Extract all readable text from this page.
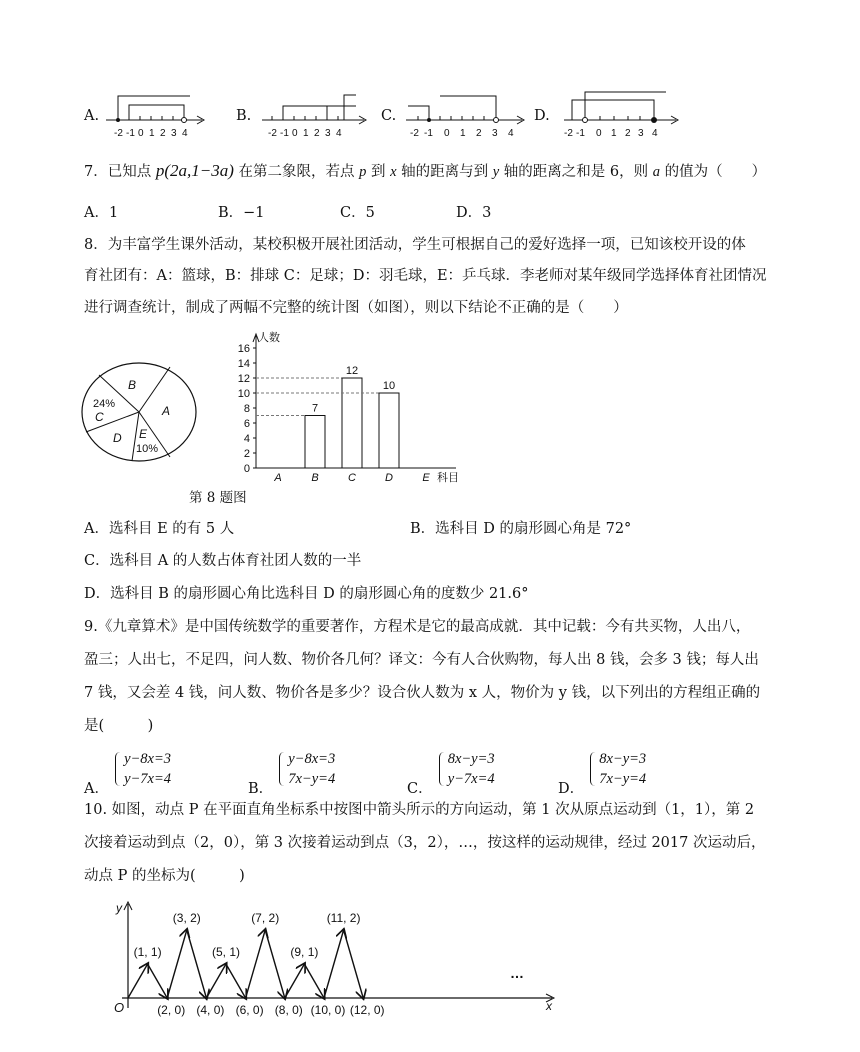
A.	B.	C.	D.
-2 -1 0 1 2 3 4	-2 -1 0 1 2 3 4	-2 -1 0 1 2 3 4	-2 -1 0 1 2 3 4
7．已知点 p(2a,1−3a) 在第二象限，若点 p 到 x 轴的距离与到 y 轴的距离之和是 6，则 a 的值为（　　）
A．1	B．−1	C．5	D．3
8．为丰富学生课外活动，某校积极开展社团活动，学生可根据自己的爱好选择一项，已知该校开设的体
育社团有：A：篮球，B：排球 C：足球；D：羽毛球，E：乒乓球．李老师对某年级同学选择体育社团情况
进行调查统计，制成了两幅不完整的统计图（如图），则以下结论不正确的是（　　）
B
A
24%
C
D E
10%
0
2
4
6
8
10
12
14
16
人数
科目
A	B
7
C
12
D
10
E
第 8 题图
A．选科目 E 的有 5 人	B．选科目 D 的扇形圆心角是 72°
C．选科目 A 的人数占体育社团人数的一半
D．选科目 B 的扇形圆心角比选科目 D 的扇形圆心角的度数少 21.6°
9.《九章算术》是中国传统数学的重要著作，方程术是它的最高成就．其中记载：今有共买物，人出八，
盈三；人出七，不足四，问人数、物价各几何？译文：今有人合伙购物，每人出 8 钱，会多 3 钱；每人出
7 钱，又会差 4 钱，问人数、物价各是多少？设合伙人数为 x 人，物价为 y 钱，以下列出的方程组正确的
是(　　　)
A．
y−8x=3
y−7x=4
B．
y−8x=3
7x−y=4
C．
8x−y=3
y−7x=4
D．
8x−y=3
7x−y=4
10. 如图，动点 P 在平面直角坐标系中按图中箭头所示的方向运动，第 1 次从原点运动到（1，1），第 2
次接着运动到点（2，0），第 3 次接着运动到点（3，2），…，按这样的运动规律，经过 2017 次运动后，
动点 P 的坐标为(　　　)
y
x
O
…
(1, 1)
(3, 2)
(5, 1)
(7, 2)
(9, 1)
(11, 2)
(2, 0) (4, 0) (6, 0) (8, 0) (10, 0) (12, 0)
